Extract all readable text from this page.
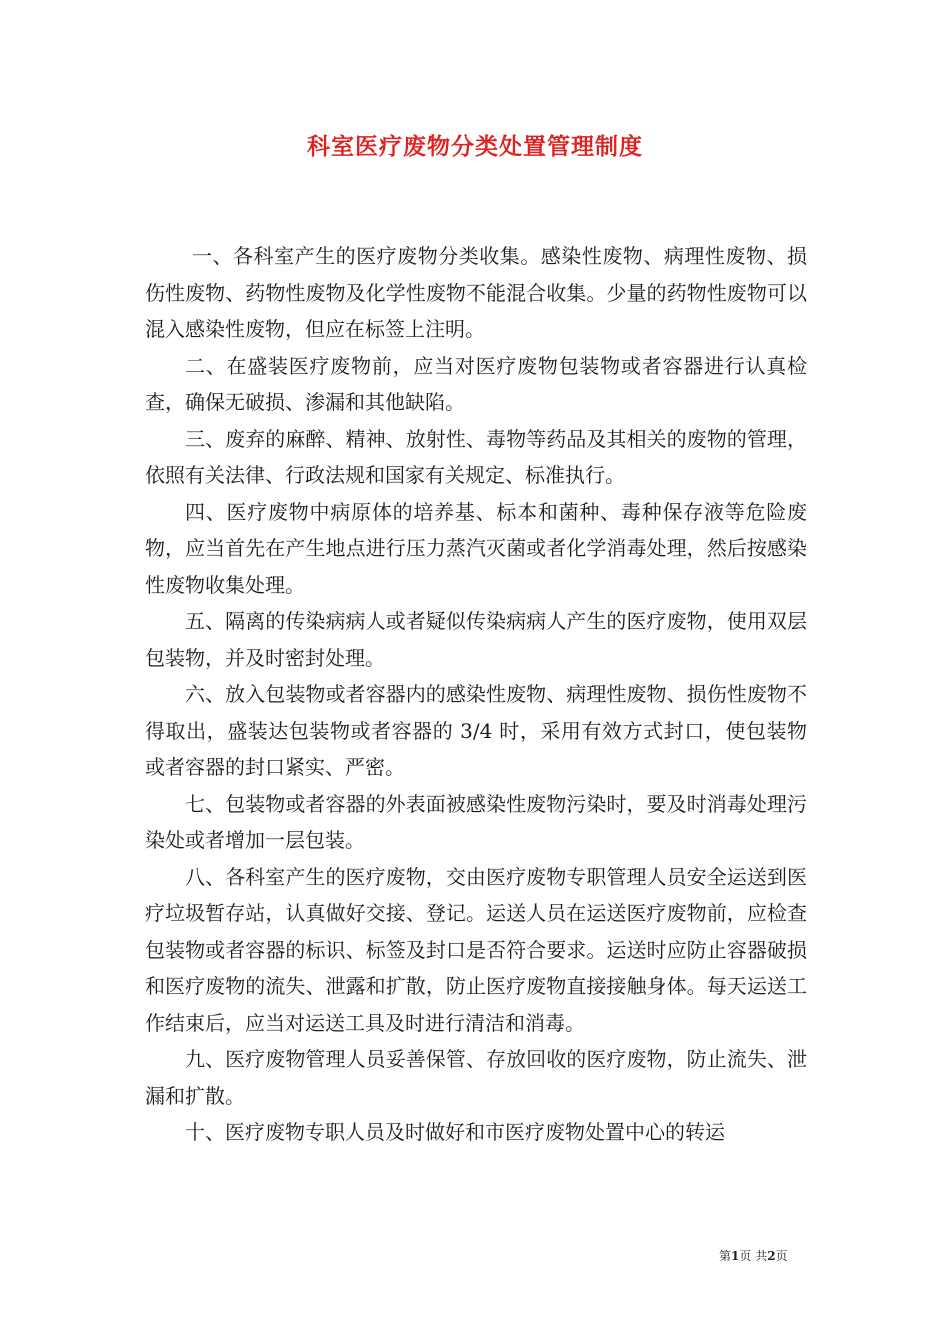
科室医疗废物分类处置管理制度

一、各科室产生的医疗废物分类收集。感染性废物、病理性废物、损伤性废物、药物性废物及化学性废物不能混合收集。少量的药物性废物可以混入感染性废物，但应在标签上注明。

二、在盛装医疗废物前，应当对医疗废物包装物或者容器进行认真检查，确保无破损、渗漏和其他缺陷。

三、废弃的麻醉、精神、放射性、毒物等药品及其相关的废物的管理，依照有关法律、行政法规和国家有关规定、标准执行。

四、医疗废物中病原体的培养基、标本和菌种、毒种保存液等危险废物，应当首先在产生地点进行压力蒸汽灭菌或者化学消毒处理，然后按感染性废物收集处理。

五、隔离的传染病病人或者疑似传染病病人产生的医疗废物，使用双层包装物，并及时密封处理。

六、放入包装物或者容器内的感染性废物、病理性废物、损伤性废物不得取出，盛装达包装物或者容器的 3/4 时，采用有效方式封口，使包装物或者容器的封口紧实、严密。

七、包装物或者容器的外表面被感染性废物污染时，要及时消毒处理污染处或者增加一层包装。

八、各科室产生的医疗废物，交由医疗废物专职管理人员安全运送到医疗垃圾暂存站，认真做好交接、登记。运送人员在运送医疗废物前，应检查包装物或者容器的标识、标签及封口是否符合要求。运送时应防止容器破损和医疗废物的流失、泄露和扩散，防止医疗废物直接接触身体。每天运送工作结束后，应当对运送工具及时进行清洁和消毒。

九、医疗废物管理人员妥善保管、存放回收的医疗废物，防止流失、泄漏和扩散。

十、医疗废物专职人员及时做好和市医疗废物处置中心的转运

第1页 共2页
